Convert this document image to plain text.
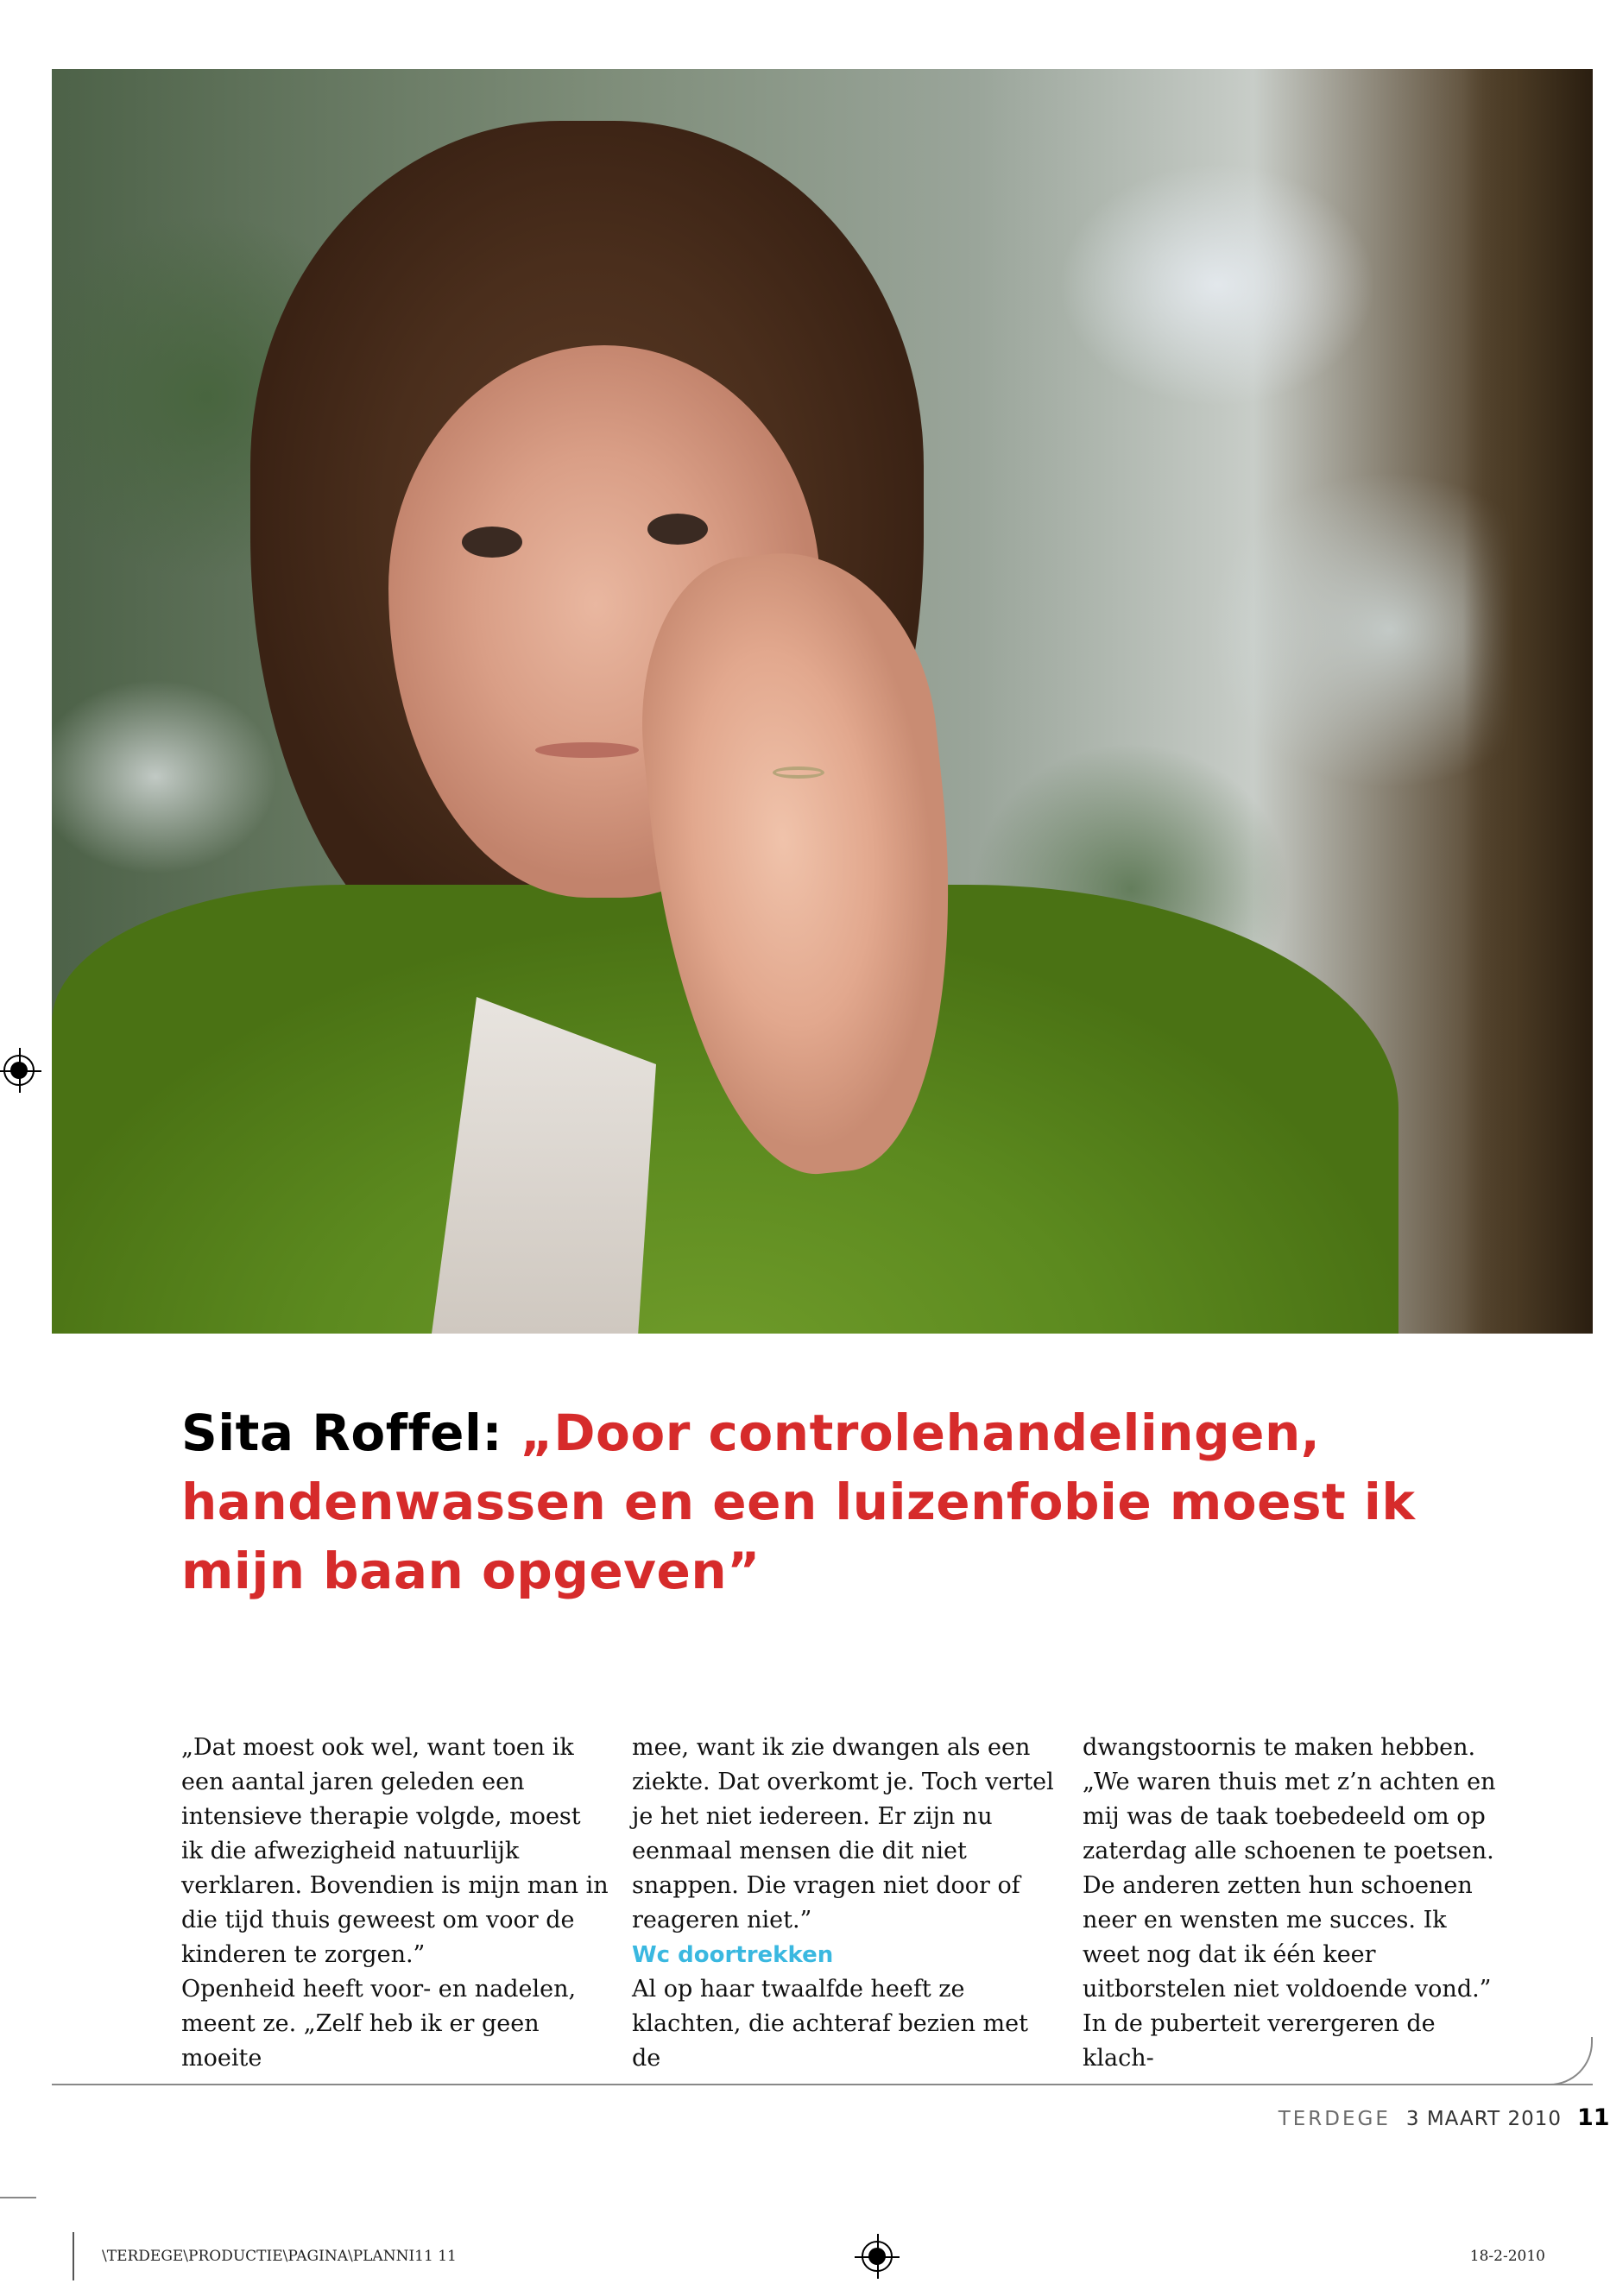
Sita Roffel: „Door controlehandelingen, handenwassen en een luizenfobie moest ik mijn baan opgeven”

„Dat moest ook wel, want toen ik een aantal jaren geleden een intensieve therapie volgde, moest ik die afwezigheid natuurlijk verklaren. Bovendien is mijn man in die tijd thuis geweest om voor de kinderen te zorgen.”

Openheid heeft voor- en nadelen, meent ze. „Zelf heb ik er geen moeite

mee, want ik zie dwangen als een ziekte. Dat overkomt je. Toch vertel je het niet iedereen. Er zijn nu eenmaal mensen die dit niet snappen. Die vragen niet door of reageren niet.”

Wc doortrekken

Al op haar twaalfde heeft ze klachten, die achteraf bezien met de

dwangstoornis te maken hebben.

„We waren thuis met z’n achten en mij was de taak toebedeeld om op zaterdag alle schoenen te poetsen. De anderen zetten hun schoenen neer en wensten me succes. Ik weet nog dat ik één keer uitborstelen niet voldoende vond.”

In de puberteit verergeren de klach-

TERDEGE 3 MAART 2010 11
\TERDEGE\PRODUCTIE\PAGINA\PLANNI11 11	18-2-2010
